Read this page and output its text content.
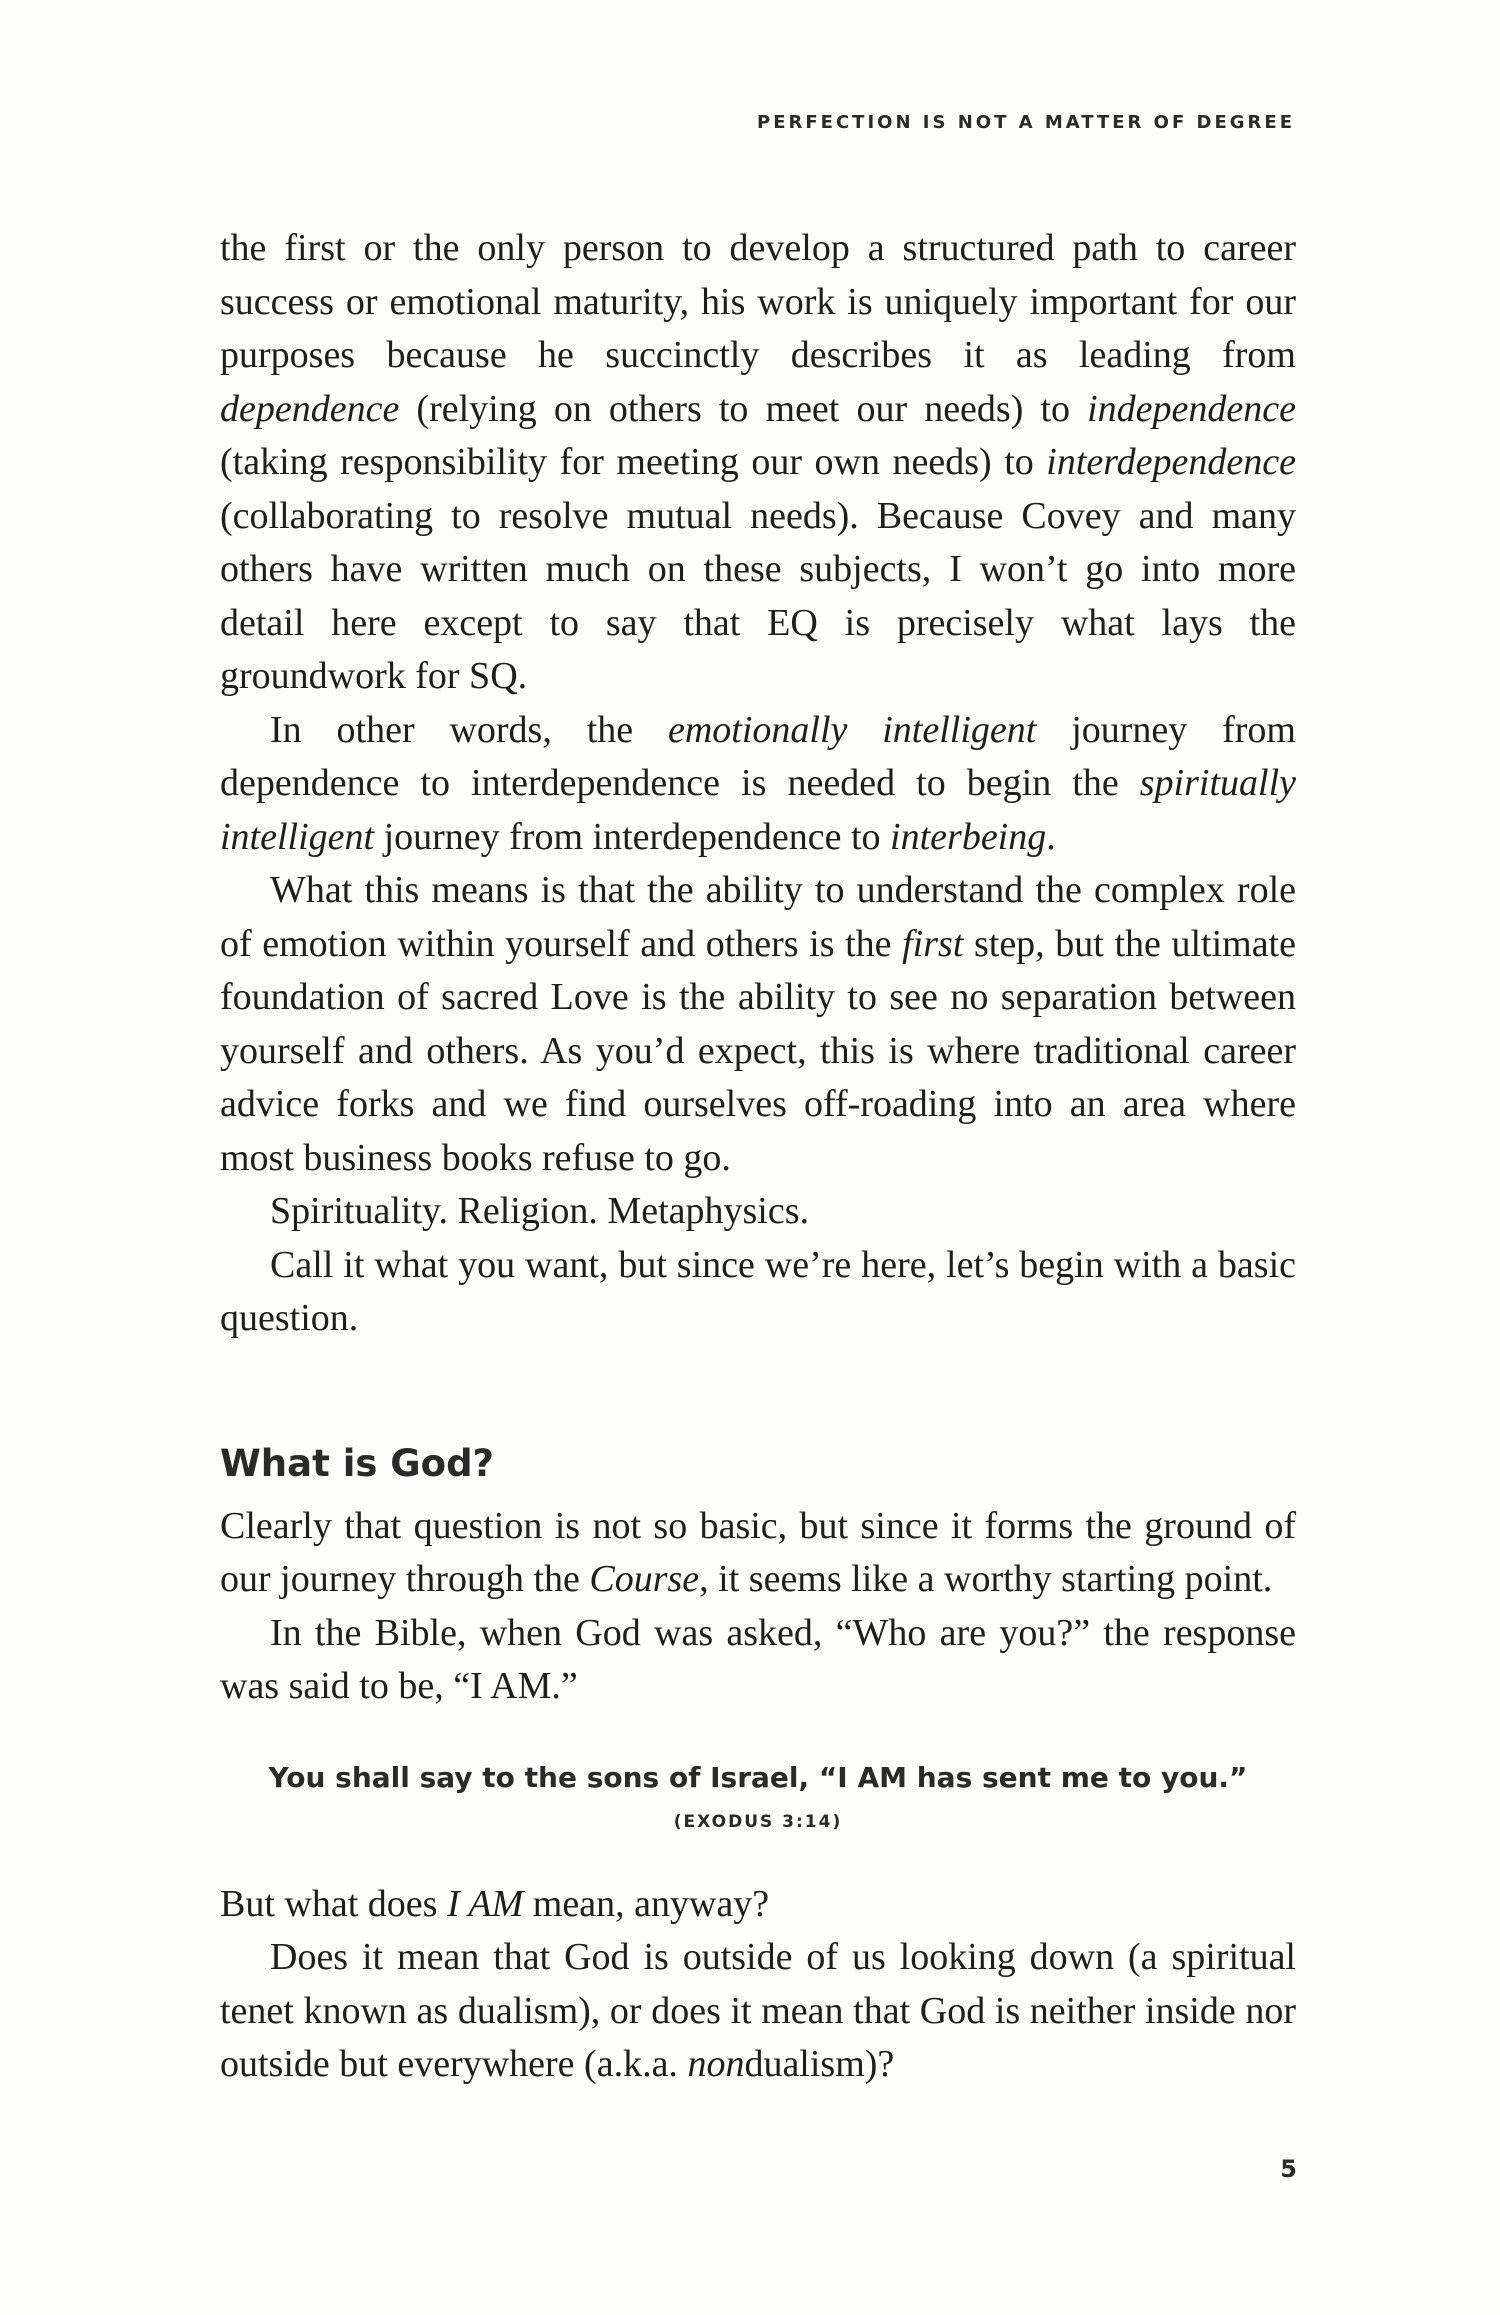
PERFECTION IS NOT A MATTER OF DEGREE

the first or the only person to develop a structured path to career success or emotional maturity, his work is uniquely important for our purposes because he succinctly describes it as leading from dependence (relying on others to meet our needs) to independence (taking responsibility for meeting our own needs) to interdependence (collaborating to resolve mutual needs). Because Covey and many others have written much on these subjects, I won’t go into more detail here except to say that EQ is precisely what lays the groundwork for SQ.

In other words, the emotionally intelligent journey from dependence to interdependence is needed to begin the spiritually intelligent journey from interdependence to interbeing.

What this means is that the ability to understand the complex role of emotion within yourself and others is the first step, but the ultimate foundation of sacred Love is the ability to see no separation between yourself and others. As you’d expect, this is where traditional career advice forks and we find ourselves off-roading into an area where most business books refuse to go.

Spirituality. Religion. Metaphysics.

Call it what you want, but since we’re here, let’s begin with a basic question.

What is God?

Clearly that question is not so basic, but since it forms the ground of our journey through the Course, it seems like a worthy starting point.

In the Bible, when God was asked, “Who are you?” the response was said to be, “I AM.”

You shall say to the sons of Israel, “I AM has sent me to you.”
(EXODUS 3:14)

But what does I AM mean, anyway?

Does it mean that God is outside of us looking down (a spiritual tenet known as dualism), or does it mean that God is neither inside nor outside but everywhere (a.k.a. nondualism)?

5
